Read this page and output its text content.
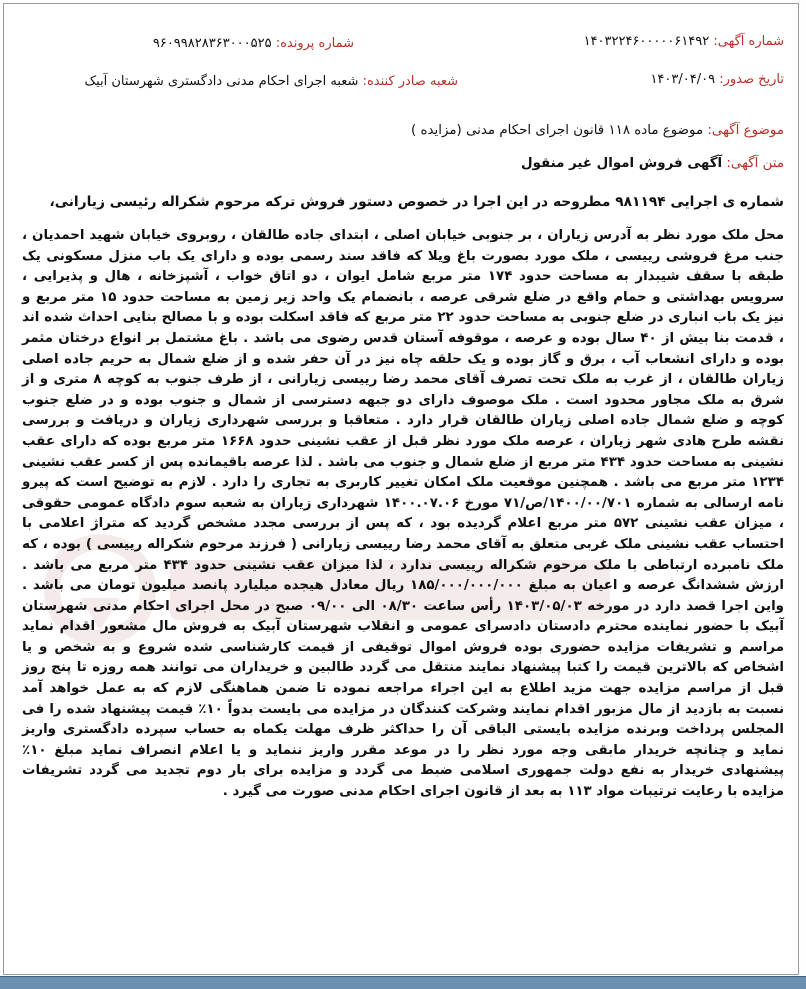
شماره آگهی: ۱۴۰۳۲۲۴۶۰۰۰۰۰۶۱۴۹۲
شماره پرونده: ۹۶۰۹۹۸۲۸۳۶۳۰۰۰۵۲۵
تاریخ صدور: ۱۴۰۳/۰۴/۰۹
شعبه صادر کننده: شعبه اجرای احکام مدنی دادگستری شهرستان آبیک
موضوع آگهی: موضوع ماده ۱۱۸ قانون اجرای احکام مدنی (مزایده )
متن آگهی: آگهی فروش اموال غیر منقول
شماره ی اجرایی ۹۸۱۱۹۴ مطروحه در این اجرا در خصوص دستور فروش ترکه مرحوم شکراله رئیسی زیارانی،
محل ملک مورد نظر به آدرس زیاران ، بر جنوبی خیابان اصلی ، ابتدای جاده طالقان ، روبروی خیابان شهید احمدیان ، جنب مرغ فروشی رییسی ، ملک مورد بصورت باغ ویلا که فاقد سند رسمی بوده و دارای یک باب منزل مسکونی یک طبقه با سقف شیبدار به مساحت حدود ۱۷۴ متر مربع شامل ایوان ، دو اتاق خواب ، آشپزخانه ، هال و پذیرایی ، سرویس بهداشتی و حمام واقع در ضلع شرقی عرصه ، بانضمام یک واحد زیر زمین به مساحت حدود ۱۵ متر مربع و نیز یک باب انباری در ضلع جنوبی به مساحت حدود ۲۲ متر مربع که فاقد اسکلت بوده و با مصالح بنایی احداث شده اند ، قدمت بنا بیش از ۴۰ سال بوده و عرصه ، موقوفه آستان قدس رضوی می باشد . باغ مشتمل بر انواع درختان مثمر بوده و دارای انشعاب آب ، برق و گاز بوده و یک حلقه چاه نیز در آن حفر شده و از ضلع شمال به حریم جاده اصلی زیاران طالقان ، از غرب به ملک تحت تصرف آقای محمد رضا رییسی زیارانی ، از طرف جنوب به کوچه ۸ متری و از شرق به ملک مجاور محدود است . ملک موصوف دارای دو جبهه دسترسی از شمال و جنوب بوده و در ضلع جنوب کوچه و ضلع شمال جاده اصلی زیاران طالقان قرار دارد . متعاقبا و بررسی شهرداری زیاران و دریافت و بررسی نقشه طرح هادی شهر زیاران ، عرصه ملک مورد نظر قبل از عقب نشینی حدود ۱۶۶۸ متر مربع بوده که دارای عقب نشینی به مساحت حدود ۴۳۴ متر مربع از ضلع شمال و جنوب می باشد . لذا عرصه باقیمانده پس از کسر عقب نشینی ۱۲۳۴ متر مربع می باشد . همچنین موقعیت ملک امکان تغییر کاربری به تجاری را دارد . لازم به توضیح است که پیرو نامه ارسالی به شماره ۱۴۰۰/۰۰/۷۰۱/ص/۷۱ مورخ ۱۴۰۰.۰۷.۰۶ شهرداری زیاران به شعبه سوم دادگاه عمومی حقوقی ، میزان عقب نشینی ۵۷۲ متر مربع اعلام گردیده بود ، که پس از بررسی مجدد مشخص گردید که متراژ اعلامی با احتساب عقب نشینی ملک غربی متعلق به آقای محمد رضا رییسی زیارانی ( فرزند مرحوم شکراله رییسی ) بوده ، که ملک نامبرده ارتباطی با ملک مرحوم شکراله رییسی ندارد ، لذا میزان عقب نشینی حدود ۴۳۴ متر مربع می باشد . ارزش ششدانگ عرصه و اعیان به مبلغ ۱۸۵/۰۰۰/۰۰۰/۰۰۰ ریال معادل هیجده میلیارد پانصد میلیون تومان می باشد . واین اجرا قصد دارد در مورخه ۱۴۰۳/۰۵/۰۳ رأس ساعت ۰۸/۳۰ الی ۰۹/۰۰ صبح در محل اجرای احکام مدنی شهرستان آبیک با حضور نماینده محترم دادستان دادسرای عمومی و انقلاب شهرستان آبیک به فروش مال مشعور اقدام نماید مراسم و تشریفات مزایده حضوری بوده فروش اموال توقیفی از قیمت کارشناسی شده شروع و به شخص و یا اشخاص که بالاترین قیمت را کتبا پیشنهاد نمایند منتقل می گردد طالبین و خریداران می توانند همه روزه تا پنج روز قبل از مراسم مزایده جهت مزید اطلاع به این اجراء مراجعه نموده تا ضمن هماهنگی لازم که به عمل خواهد آمد نسبت به بازدید از مال مزبور اقدام نمایند وشرکت کنندگان در مزایده می بایست بدواً ۱۰٪ قیمت پیشنهاد شده را فی المجلس پرداخت وبرنده مزایده بایستی الباقی آن را حداکثر ظرف مهلت یکماه به حساب سپرده دادگستری واریز نماید و چنانچه خریدار مابقی وجه مورد نظر را در موعد مقرر واریز ننماید و یا اعلام انصراف نماید مبلغ ۱۰٪ پیشنهادی خریدار به نفع دولت جمهوری اسلامی ضبط می گردد و مزایده برای بار دوم تجدید می گردد تشریفات مزایده با رعایت ترتیبات مواد ۱۱۳ به بعد از قانون اجرای احکام مدنی صورت می گیرد .
